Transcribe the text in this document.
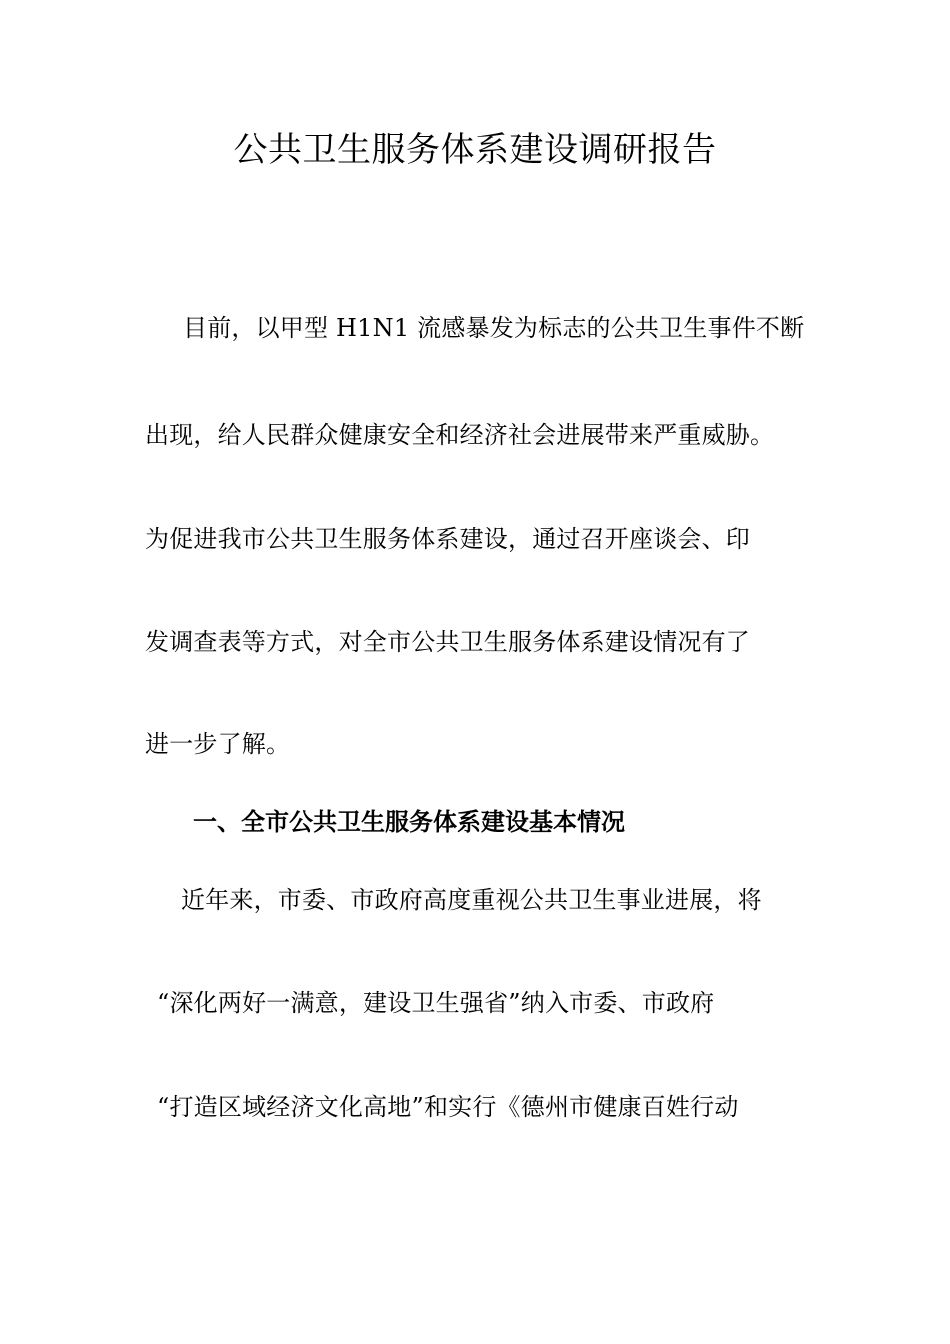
公共卫生服务体系建设调研报告
目前，以甲型 H1N1 流感暴发为标志的公共卫生事件不断
出现，给人民群众健康安全和经济社会进展带来严重威胁。
为促进我市公共卫生服务体系建设，通过召开座谈会、印
发调查表等方式，对全市公共卫生服务体系建设情况有了
进一步了解。
一、全市公共卫生服务体系建设基本情况
近年来，市委、市政府高度重视公共卫生事业进展，将
“深化两好一满意，建设卫生强省”纳入市委、市政府
“打造区域经济文化高地”和实行《德州市健康百姓行动
